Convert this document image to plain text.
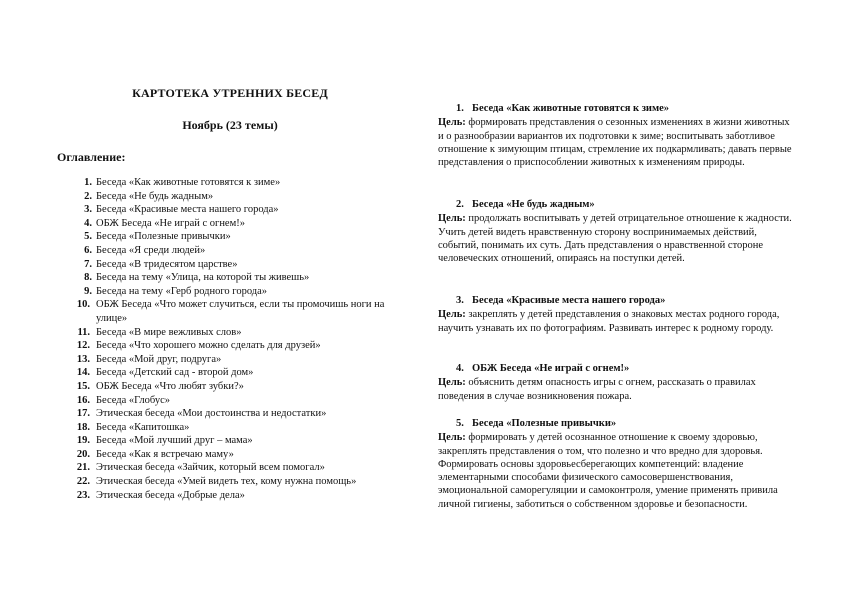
КАРТОТЕКА УТРЕННИХ БЕСЕД
Ноябрь (23 темы)
Оглавление:
1. Беседа «Как животные готовятся к зиме»
2. Беседа «Не будь жадным»
3. Беседа «Красивые места нашего города»
4. ОБЖ Беседа «Не играй с огнем!»
5. Беседа «Полезные привычки»
6. Беседа «Я среди людей»
7. Беседа «В тридесятом царстве»
8. Беседа на тему «Улица, на которой ты живешь»
9. Беседа на тему «Герб родного города»
10. ОБЖ Беседа «Что может случиться, если ты промочишь ноги на улице»
11. Беседа «В мире вежливых слов»
12. Беседа «Что хорошего можно сделать для друзей»
13. Беседа «Мой друг, подруга»
14. Беседа «Детский сад - второй дом»
15. ОБЖ Беседа «Что любят зубки?»
16. Беседа «Глобус»
17. Этическая беседа «Мои достоинства и недостатки»
18. Беседа «Капитошка»
19. Беседа «Мой лучший друг – мама»
20. Беседа «Как я встречаю маму»
21. Этическая беседа «Зайчик, который всем помогал»
22. Этическая беседа «Умей видеть тех, кому нужна помощь»
23. Этическая беседа «Добрые дела»
1. Беседа «Как животные готовятся к зиме»
Цель: формировать представления о сезонных изменениях в жизни животных и о разнообразии вариантов их подготовки к зиме; воспитывать заботливое отношение к зимующим птицам, стремление их подкармливать; давать первые представления о приспособлении животных к изменениям природы.
2. Беседа «Не будь жадным»
Цель: продолжать воспитывать у детей отрицательное отношение к жадности. Учить детей видеть нравственную сторону воспринимаемых действий, событий, понимать их суть. Дать представления о нравственной стороне человеческих отношений, опираясь на поступки детей.
3. Беседа «Красивые места нашего города»
Цель: закреплять у детей представления о знаковых местах родного города, научить узнавать их по фотографиям. Развивать интерес к родному городу.
4. ОБЖ Беседа «Не играй с огнем!»
Цель: объяснить детям опасность игры с огнем, рассказать о правилах поведения в случае возникновения пожара.
5. Беседа «Полезные привычки»
Цель: формировать у детей осознанное отношение к своему здоровью, закреплять представления о том, что полезно и что вредно для здоровья. Формировать основы здоровьесберегающих компетенций: владение элементарными способами физического самосовершенствования, эмоциональной саморегуляции и самоконтроля, умение применять привила личной гигиены, заботиться о собственном здоровье и безопасности.
